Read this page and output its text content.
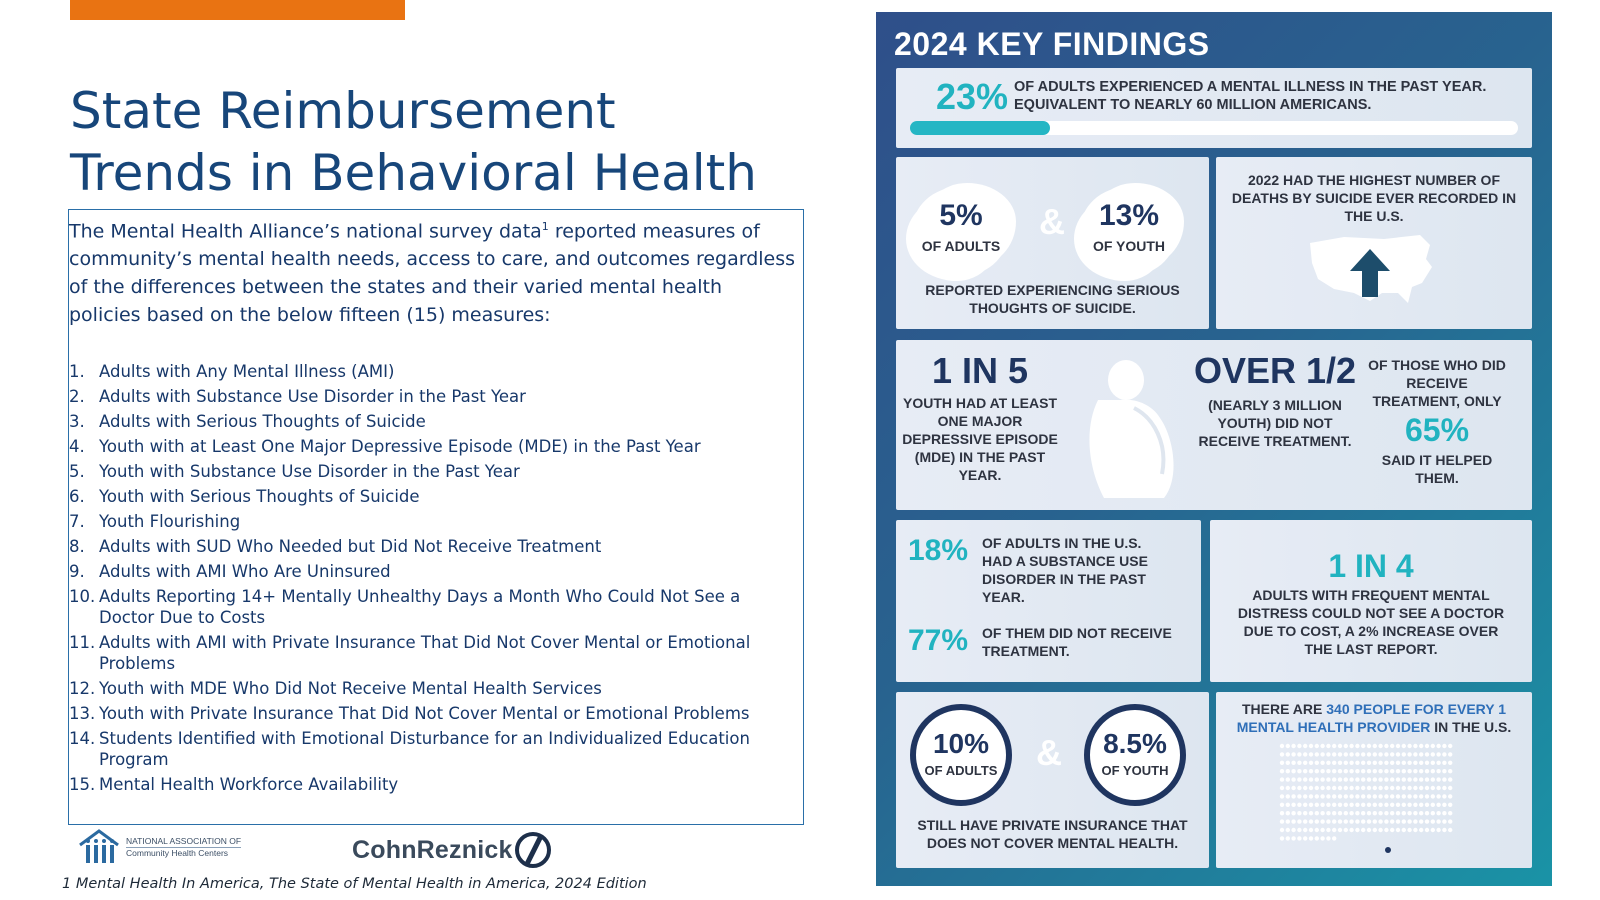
State Reimbursement
Trends in Behavioral Health

The Mental Health Alliance’s national survey data$^1$ reported measures of community’s mental health needs, access to care, and outcomes regardless of the differences between the states and their varied mental health policies based on the below fifteen (15) measures:

1. Adults with Any Mental Illness (AMI)
2. Adults with Substance Use Disorder in the Past Year
3. Adults with Serious Thoughts of Suicide
4. Youth with at Least One Major Depressive Episode (MDE) in the Past Year
5. Youth with Substance Use Disorder in the Past Year
6. Youth with Serious Thoughts of Suicide
7. Youth Flourishing
8. Adults with SUD Who Needed but Did Not Receive Treatment
9. Adults with AMI Who Are Uninsured
10. Adults Reporting 14+ Mentally Unhealthy Days a Month Who Could Not See a Doctor Due to Costs
11. Adults with AMI with Private Insurance That Did Not Cover Mental or Emotional Problems
12. Youth with MDE Who Did Not Receive Mental Health Services
13. Youth with Private Insurance That Did Not Cover Mental or Emotional Problems
14. Students Identified with Emotional Disturbance for an Individualized Education Program
15. Mental Health Workforce Availability
NATIONAL ASSOCIATION OF
Community Health Centers	CohnReznick
1 Mental Health In America, The State of Mental Health in America, 2024 Edition
2024 KEY FINDINGS
23% OF ADULTS EXPERIENCED A MENTAL ILLNESS IN THE PAST YEAR.
EQUIVALENT TO NEARLY 60 MILLION AMERICANS.
5%
OF ADULTS
&	13%
OF YOUTH
REPORTED EXPERIENCING SERIOUS THOUGHTS OF SUICIDE.
2022 HAD THE HIGHEST NUMBER OF DEATHS BY SUICIDE EVER RECORDED IN THE U.S.
1 IN 5
YOUTH HAD AT LEAST ONE MAJOR DEPRESSIVE EPISODE (MDE) IN THE PAST YEAR.
OVER 1/2
(NEARLY 3 MILLION YOUTH) DID NOT RECEIVE TREATMENT.
OF THOSE WHO DID RECEIVE TREATMENT, ONLY
65%
SAID IT HELPED THEM.
18% OF ADULTS IN THE U.S. HAD A SUBSTANCE USE DISORDER IN THE PAST YEAR.
77% OF THEM DID NOT RECEIVE TREATMENT.
1 IN 4
ADULTS WITH FREQUENT MENTAL DISTRESS COULD NOT SEE A DOCTOR DUE TO COST, A 2% INCREASE OVER THE LAST REPORT.
10%
OF ADULTS &	8.5%
OF YOUTH
STILL HAVE PRIVATE INSURANCE THAT DOES NOT COVER MENTAL HEALTH.
THERE ARE 340 PEOPLE FOR EVERY 1 MENTAL HEALTH PROVIDER IN THE U.S.
